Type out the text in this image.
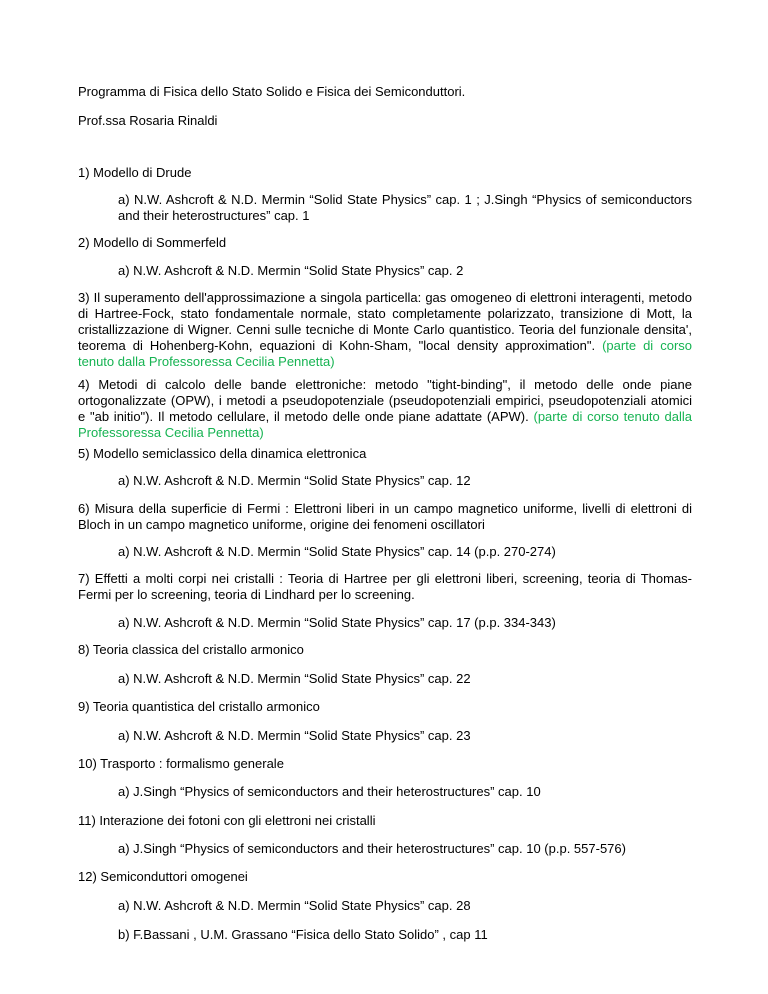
Programma di Fisica dello Stato Solido e Fisica dei Semiconduttori.
Prof.ssa Rosaria Rinaldi
1) Modello di Drude
a) N.W. Ashcroft & N.D. Mermin “Solid State Physics” cap. 1 ; J.Singh “Physics of semiconductors and their heterostructures” cap. 1
2) Modello di Sommerfeld
a) N.W. Ashcroft & N.D. Mermin “Solid State Physics” cap. 2
3) Il superamento dell'approssimazione a singola particella: gas omogeneo di elettroni interagenti, metodo di Hartree-Fock, stato fondamentale normale, stato completamente polarizzato, transizione di Mott, la cristallizzazione di Wigner. Cenni sulle tecniche di Monte Carlo quantistico. Teoria del funzionale densita', teorema di Hohenberg-Kohn, equazioni di Kohn-Sham, "local density approximation". (parte di corso tenuto dalla Professoressa Cecilia Pennetta)
4) Metodi di calcolo delle bande elettroniche: metodo "tight-binding", il metodo delle onde piane ortogonalizzate (OPW), i metodi a pseudopotenziale (pseudopotenziali empirici, pseudopotenziali atomici e "ab initio"). Il metodo cellulare, il metodo delle onde piane adattate (APW). (parte di corso tenuto dalla Professoressa Cecilia Pennetta)
5) Modello semiclassico della dinamica elettronica
a) N.W. Ashcroft & N.D. Mermin “Solid State Physics” cap. 12
6) Misura della superficie di Fermi : Elettroni liberi in un campo magnetico uniforme, livelli di elettroni di Bloch in un campo magnetico uniforme, origine dei fenomeni oscillatori
a) N.W. Ashcroft & N.D. Mermin “Solid State Physics” cap. 14 (p.p. 270-274)
7) Effetti a molti corpi nei cristalli : Teoria di Hartree per gli elettroni liberi, screening, teoria di Thomas-Fermi per lo screening, teoria di Lindhard per lo screening.
a) N.W. Ashcroft & N.D. Mermin “Solid State Physics” cap. 17 (p.p. 334-343)
8) Teoria classica del cristallo armonico
a) N.W. Ashcroft & N.D. Mermin “Solid State Physics” cap. 22
9) Teoria quantistica del cristallo armonico
a) N.W. Ashcroft & N.D. Mermin “Solid State Physics” cap. 23
10) Trasporto : formalismo generale
a) J.Singh “Physics of semiconductors and their heterostructures” cap. 10
11) Interazione dei fotoni con gli elettroni nei cristalli
a) J.Singh “Physics of semiconductors and their heterostructures” cap. 10 (p.p. 557-576)
12) Semiconduttori omogenei
a) N.W. Ashcroft & N.D. Mermin “Solid State Physics” cap. 28
b) F.Bassani , U.M. Grassano “Fisica dello Stato Solido” , cap 11
